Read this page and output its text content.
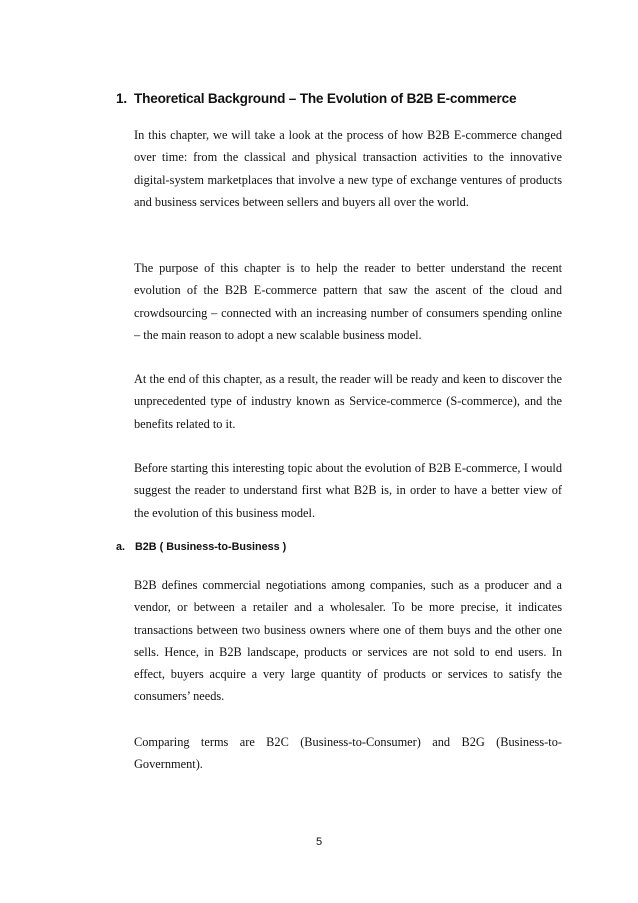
1. Theoretical Background – The Evolution of B2B E-commerce

In this chapter, we will take a look at the process of how B2B E-commerce changed over time: from the classical and physical transaction activities to the innovative digital-system marketplaces that involve a new type of exchange ventures of products and business services between sellers and buyers all over the world.

The purpose of this chapter is to help the reader to better understand the recent evolution of the B2B E-commerce pattern that saw the ascent of the cloud and crowdsourcing – connected with an increasing number of consumers spending online – the main reason to adopt a new scalable business model.

At the end of this chapter, as a result, the reader will be ready and keen to discover the unprecedented type of industry known as Service-commerce (S-commerce), and the benefits related to it.

Before starting this interesting topic about the evolution of B2B E-commerce, I would suggest the reader to understand first what B2B is, in order to have a better view of the evolution of this business model.

a. B2B ( Business-to-Business )

B2B defines commercial negotiations among companies, such as a producer and a vendor, or between a retailer and a wholesaler. To be more precise, it indicates transactions between two business owners where one of them buys and the other one sells. Hence, in B2B landscape, products or services are not sold to end users. In effect, buyers acquire a very large quantity of products or services to satisfy the consumers’ needs.

Comparing terms are B2C (Business-to-Consumer) and B2G (Business-to-Government).

5
